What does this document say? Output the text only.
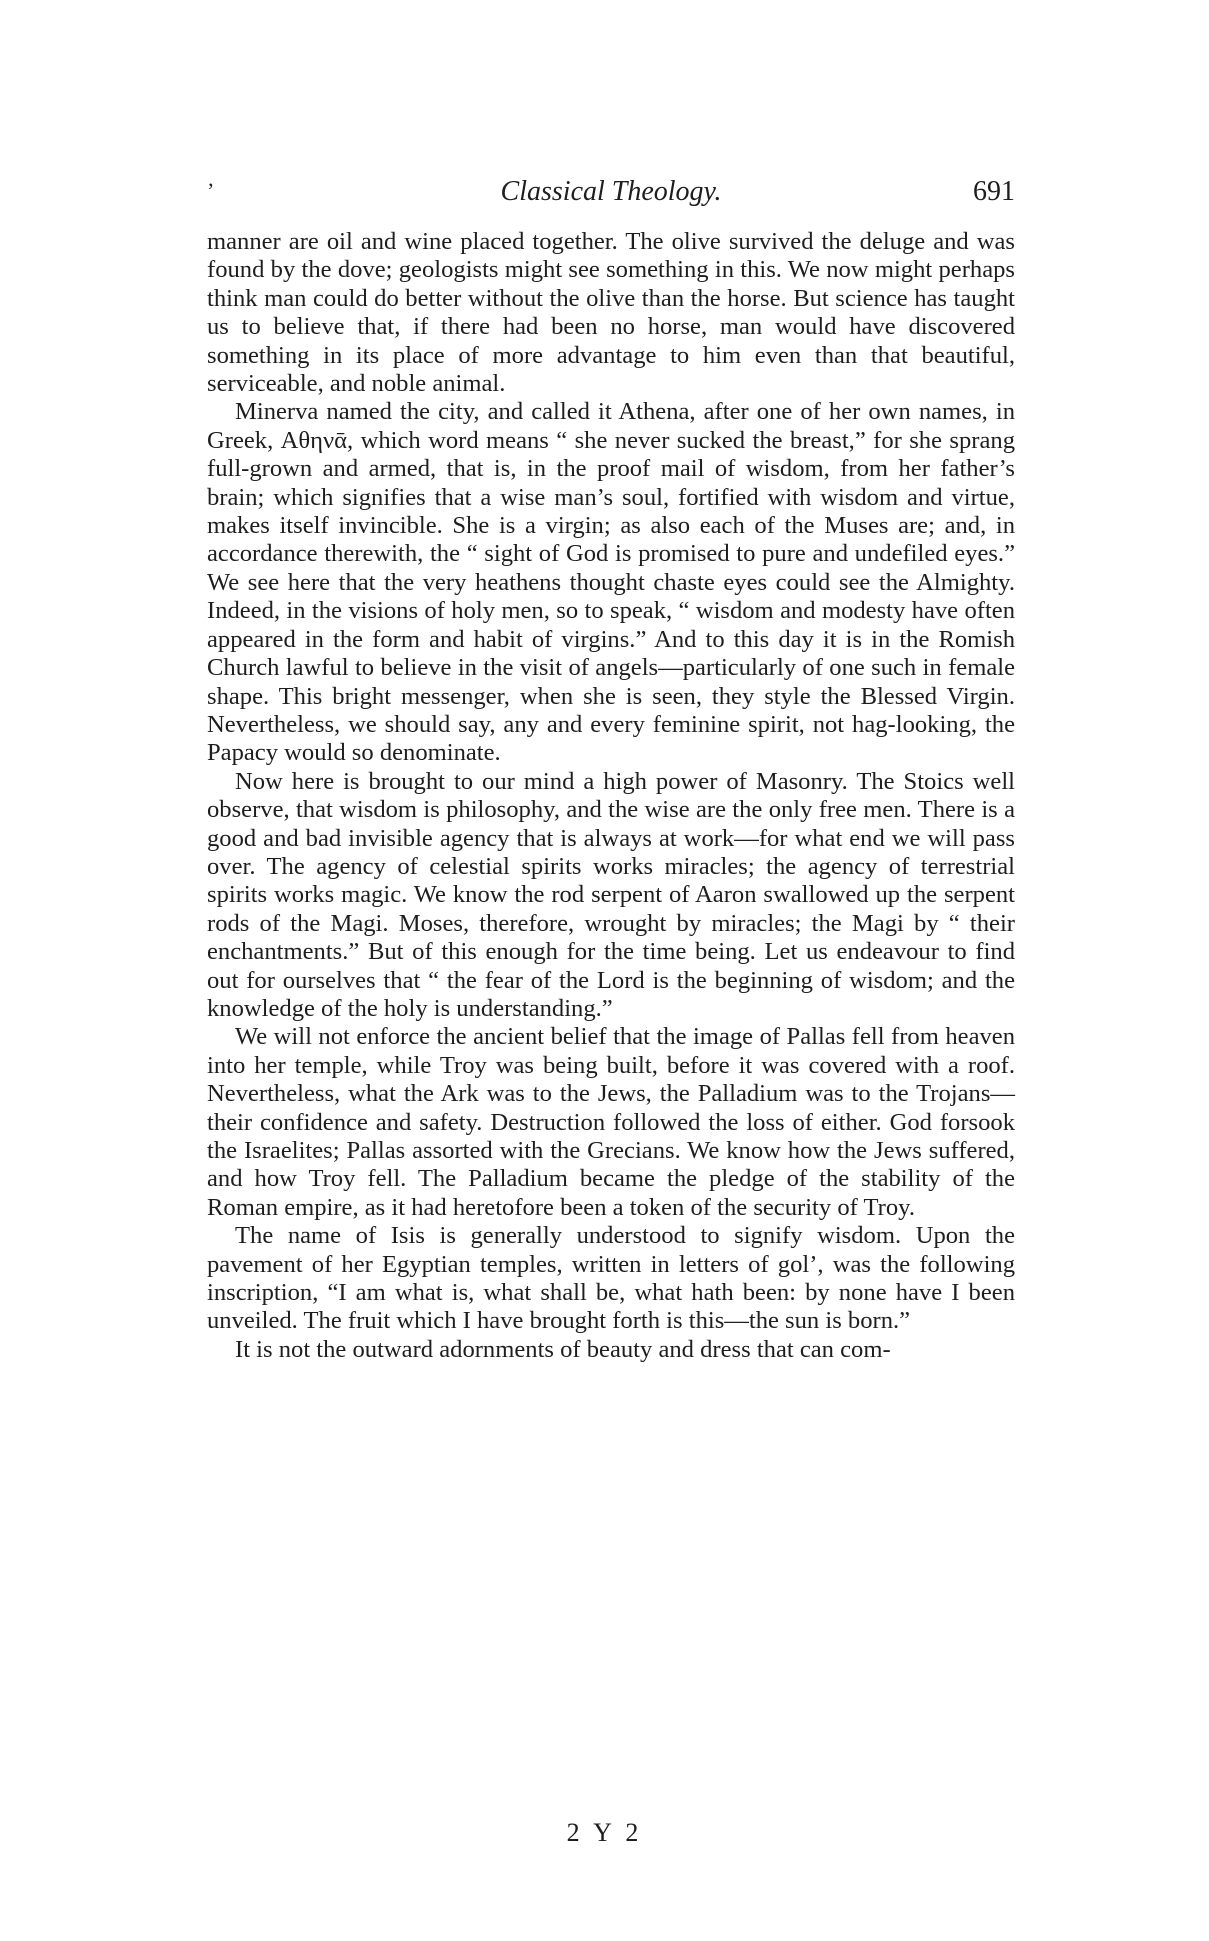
’	Classical Theology.	691

manner are oil and wine placed together. The olive survived the deluge and was found by the dove; geologists might see something in this. We now might perhaps think man could do better without the olive than the horse. But science has taught us to believe that, if there had been no horse, man would have discovered something in its place of more advantage to him even than that beautiful, serviceable, and noble animal.

Minerva named the city, and called it Athena, after one of her own names, in Greek, Αθηνᾱ, which word means “ she never sucked the breast,” for she sprang full-grown and armed, that is, in the proof mail of wisdom, from her father’s brain; which signifies that a wise man’s soul, fortified with wisdom and virtue, makes itself invincible. She is a virgin; as also each of the Muses are; and, in accordance therewith, the “ sight of God is promised to pure and undefiled eyes.” We see here that the very heathens thought chaste eyes could see the Almighty. Indeed, in the visions of holy men, so to speak, “ wisdom and modesty have often appeared in the form and habit of virgins.” And to this day it is in the Romish Church lawful to believe in the visit of angels—particularly of one such in female shape. This bright messenger, when she is seen, they style the Blessed Virgin. Nevertheless, we should say, any and every feminine spirit, not hag-looking, the Papacy would so denominate.

Now here is brought to our mind a high power of Masonry. The Stoics well observe, that wisdom is philosophy, and the wise are the only free men. There is a good and bad invisible agency that is always at work—for what end we will pass over. The agency of celestial spirits works miracles; the agency of terrestrial spirits works magic. We know the rod serpent of Aaron swallowed up the serpent rods of the Magi. Moses, therefore, wrought by miracles; the Magi by “ their enchantments.” But of this enough for the time being. Let us endeavour to find out for ourselves that “ the fear of the Lord is the beginning of wisdom; and the knowledge of the holy is understanding.”

We will not enforce the ancient belief that the image of Pallas fell from heaven into her temple, while Troy was being built, before it was covered with a roof. Nevertheless, what the Ark was to the Jews, the Palladium was to the Trojans—their confidence and safety. Destruction followed the loss of either. God forsook the Israelites; Pallas assorted with the Grecians. We know how the Jews suffered, and how Troy fell. The Palladium became the pledge of the stability of the Roman empire, as it had heretofore been a token of the security of Troy.

The name of Isis is generally understood to signify wisdom. Upon the pavement of her Egyptian temples, written in letters of gol’, was the following inscription, “I am what is, what shall be, what hath been: by none have I been unveiled. The fruit which I have brought forth is this—the sun is born.”

It is not the outward adornments of beauty and dress that can com-

2 Y 2
